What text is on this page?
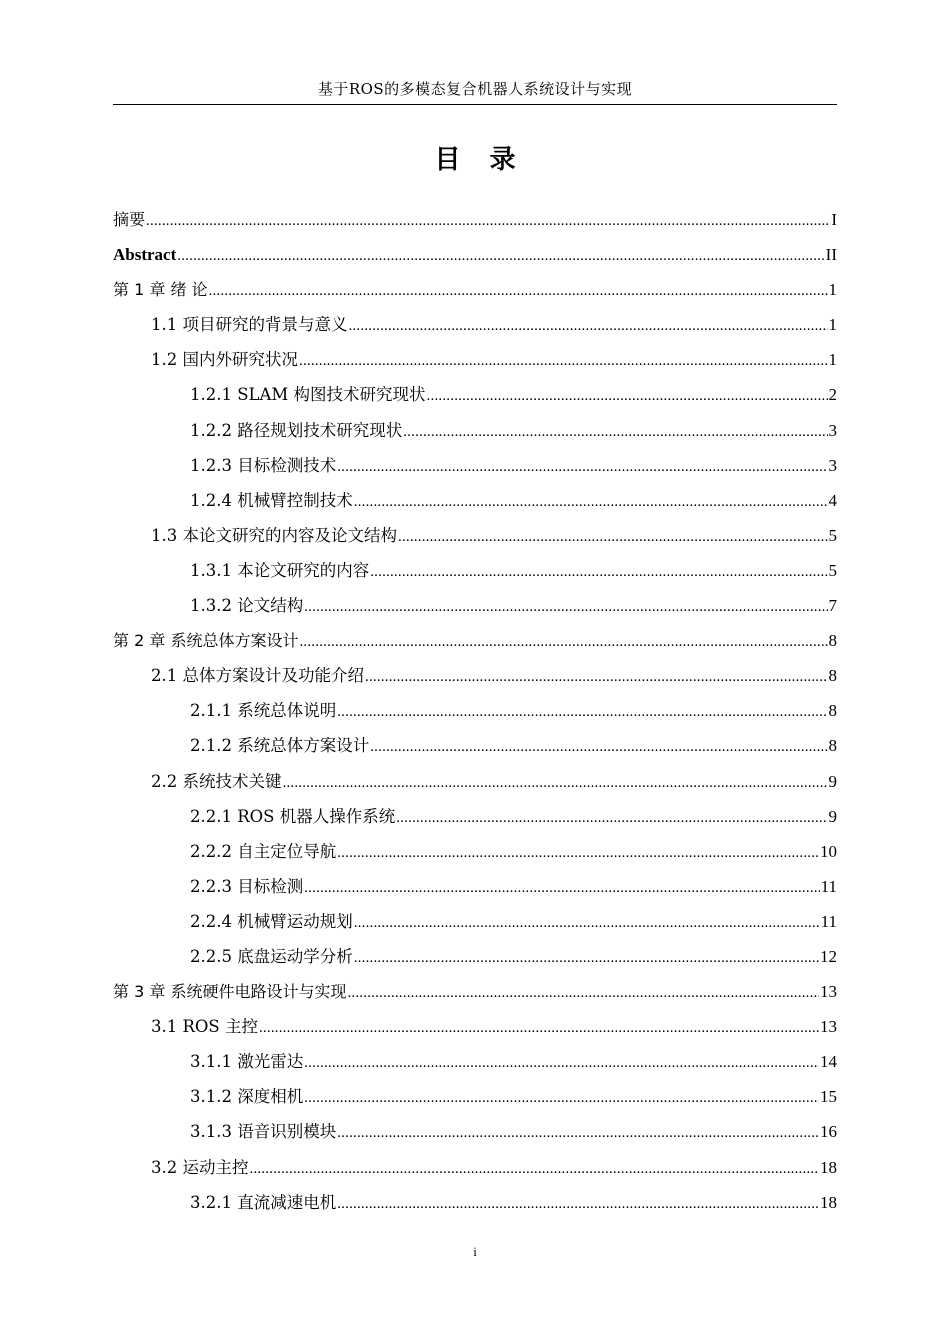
基于ROS的多模态复合机器人系统设计与实现
目 录
摘要 .....	I
Abstract .....	II
第 1 章 绪 论 .....	1
1.1 项目研究的背景与意义 .....	1
1.2 国内外研究状况 .....	1
1.2.1 SLAM 构图技术研究现状 .....	2
1.2.2 路径规划技术研究现状 .....	3
1.2.3 目标检测技术 .....	3
1.2.4 机械臂控制技术 .....	4
1.3 本论文研究的内容及论文结构 .....	5
1.3.1 本论文研究的内容 .....	5
1.3.2 论文结构 .....	7
第 2 章 系统总体方案设计 .....	8
2.1 总体方案设计及功能介绍 .....	8
2.1.1 系统总体说明 .....	8
2.1.2 系统总体方案设计 .....	8
2.2 系统技术关键 .....	9
2.2.1 ROS 机器人操作系统 .....	9
2.2.2 自主定位导航 .....	10
2.2.3 目标检测 .....	11
2.2.4 机械臂运动规划 .....	11
2.2.5 底盘运动学分析 .....	12
第 3 章 系统硬件电路设计与实现 .....	13
3.1 ROS 主控 .....	13
3.1.1 激光雷达 .....	14
3.1.2 深度相机 .....	15
3.1.3 语音识别模块 .....	16
3.2 运动主控 .....	18
3.2.1 直流减速电机 .....	18
i
